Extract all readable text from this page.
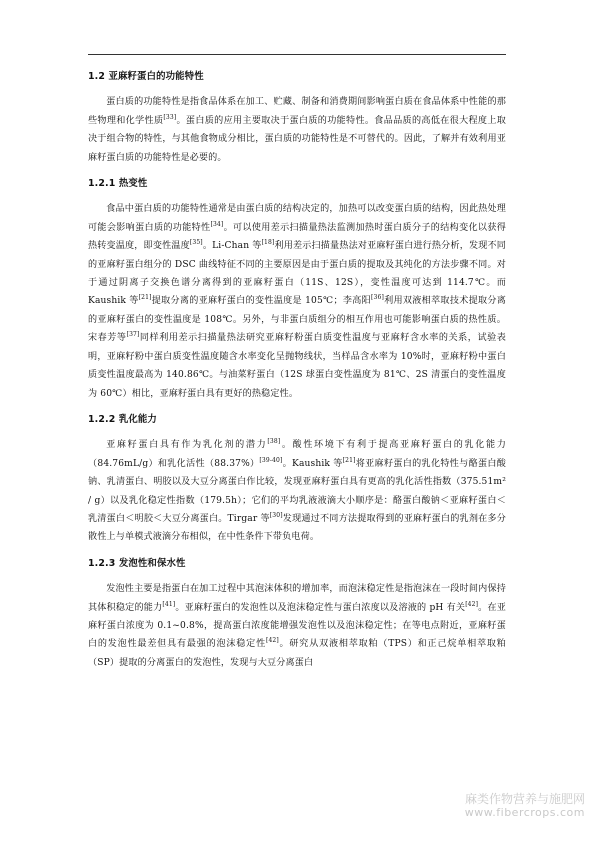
1.2 亚麻籽蛋白的功能特性

蛋白质的功能特性是指食品体系在加工、贮藏、制备和消费期间影响蛋白质在食品体系中性能的那些物理和化学性质[33]。蛋白质的应用主要取决于蛋白质的功能特性。食品品质的高低在很大程度上取决于组合物的特性，与其他食物成分相比，蛋白质的功能特性是不可替代的。因此，了解并有效利用亚麻籽蛋白质的功能特性是必要的。

1.2.1 热变性

食品中蛋白质的功能特性通常是由蛋白质的结构决定的，加热可以改变蛋白质的结构，因此热处理可能会影响蛋白质的功能特性[34]。可以使用差示扫描量热法监测加热时蛋白质分子的结构变化以获得热转变温度，即变性温度[35]。Li-Chan 等[18]利用差示扫描量热法对亚麻籽蛋白进行热分析，发现不同的亚麻籽蛋白组分的 DSC 曲线特征不同的主要原因是由于蛋白质的提取及其纯化的方法步骤不同。对于通过阴离子交换色谱分离得到的亚麻籽蛋白（11S、12S），变性温度可达到 114.7℃。而 Kaushik 等[21]提取分离的亚麻籽蛋白的变性温度是 105℃；李高阳[36]利用双液相萃取技术提取分离的亚麻籽蛋白的变性温度是 108℃。另外，与非蛋白质组分的相互作用也可能影响蛋白质的热性质。宋春芳等[37]同样利用差示扫描量热法研究亚麻籽粉蛋白质变性温度与亚麻籽含水率的关系，试验表明，亚麻籽粉中蛋白质变性温度随含水率变化呈抛物线状，当样品含水率为 10%时，亚麻籽粉中蛋白质变性温度最高为 140.86℃。与油菜籽蛋白（12S 球蛋白变性温度为 81℃、2S 清蛋白的变性温度为 60℃）相比，亚麻籽蛋白具有更好的热稳定性。

1.2.2 乳化能力

亚麻籽蛋白具有作为乳化剂的潜力[38]。酸性环境下有利于提高亚麻籽蛋白的乳化能力（84.76mL/g）和乳化活性（88.37%）[39-40]。Kaushik 等[21]将亚麻籽蛋白的乳化特性与酪蛋白酸钠、乳清蛋白、明胶以及大豆分离蛋白作比较，发现亚麻籽蛋白具有更高的乳化活性指数（375.51m² / g）以及乳化稳定性指数（179.5h）；它们的平均乳液液滴大小顺序是：酪蛋白酸钠＜亚麻籽蛋白＜乳清蛋白＜明胶＜大豆分离蛋白。Tirgar 等[30]发现通过不同方法提取得到的亚麻籽蛋白的乳剂在多分散性上与单模式液滴分布相似，在中性条件下带负电荷。

1.2.3 发泡性和保水性

发泡性主要是指蛋白在加工过程中其泡沫体积的增加率，而泡沫稳定性是指泡沫在一段时间内保持其体积稳定的能力[41]。亚麻籽蛋白的发泡性以及泡沫稳定性与蛋白浓度以及溶液的 pH 有关[42]。在亚麻籽蛋白浓度为 0.1~0.8%，提高蛋白浓度能增强发泡性以及泡沫稳定性；在等电点附近，亚麻籽蛋白的发泡性最差但具有最强的泡沫稳定性[42]。研究从双液相萃取粕（TPS）和正己烷单相萃取粕（SP）提取的分离蛋白的发泡性，发现与大豆分离蛋白

麻类作物营养与施肥网
www.fibercrops.com
